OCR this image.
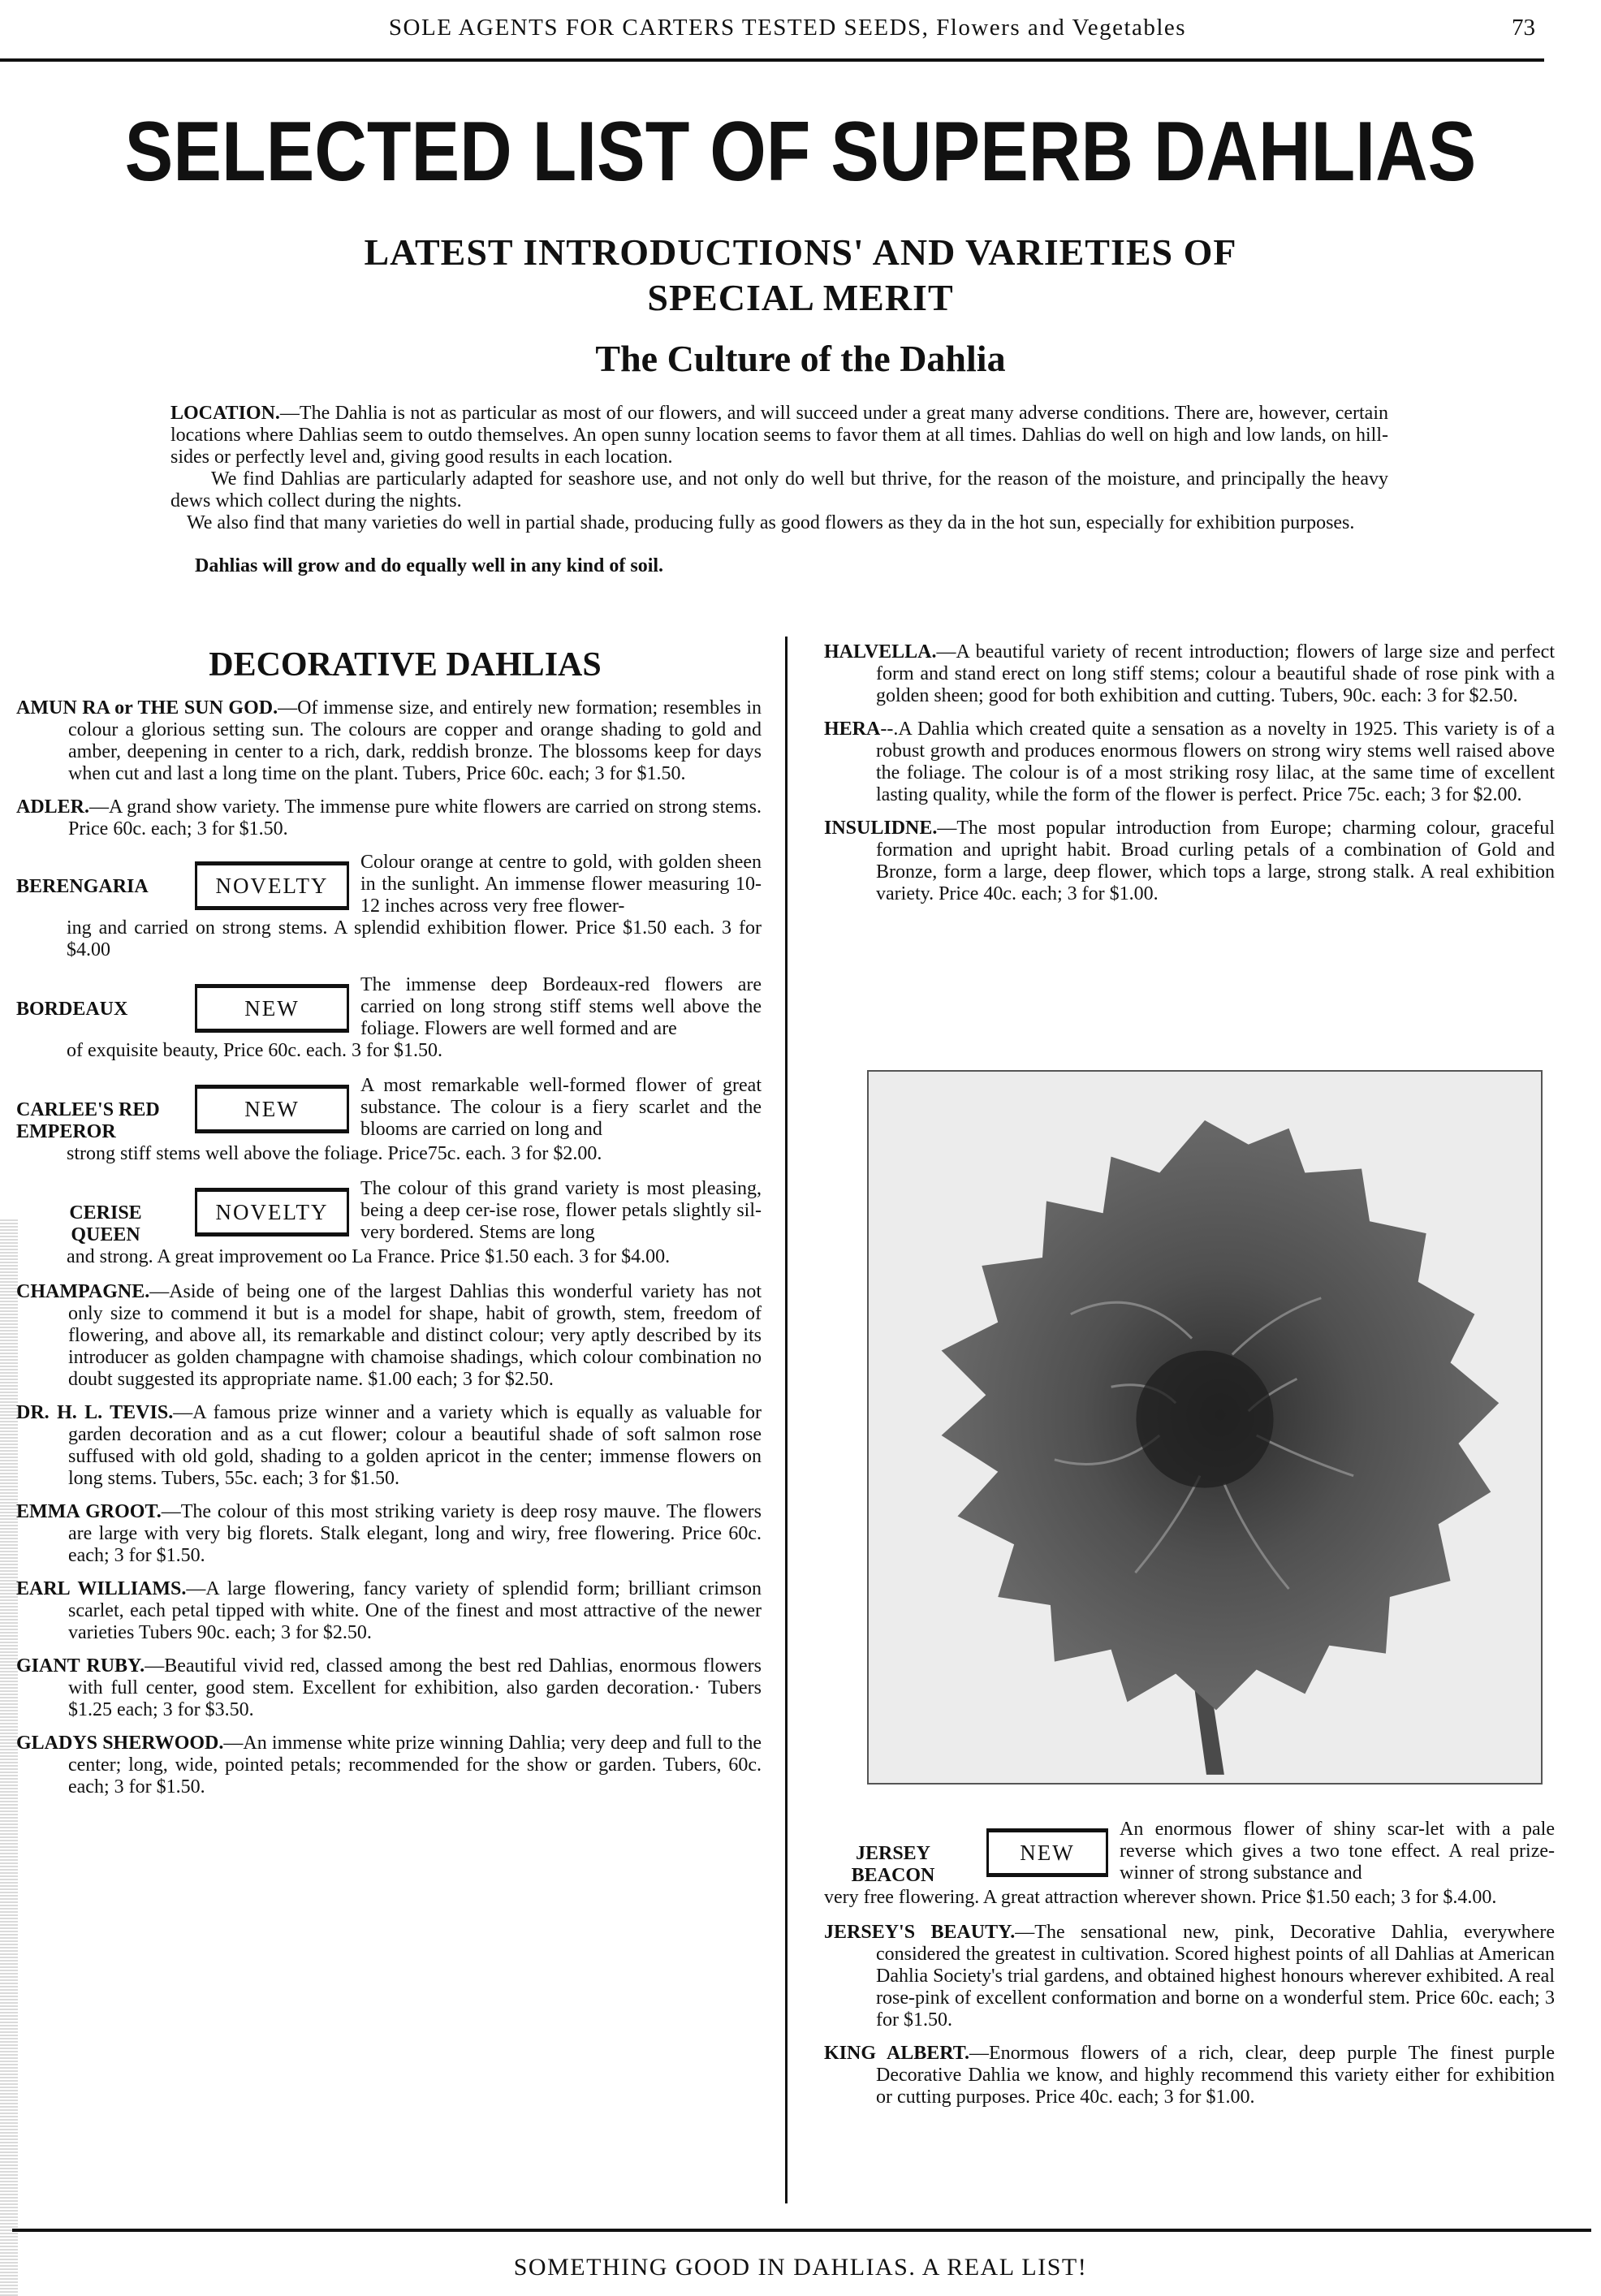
SOLE AGENTS FOR CARTERS TESTED SEEDS, Flowers and Vegetables	73
SELECTED LIST OF SUPERB DAHLIAS
LATEST INTRODUCTIONS' AND VARIETIES OF
SPECIAL MERIT
The Culture of the Dahlia

LOCATION.—The Dahlia is not as particular as most of our flowers, and will succeed under a great many adverse conditions. There are, however, certain locations where Dahlias seem to outdo themselves. An open sunny location seems to favor them at all times. Dahlias do well on high and low lands, on hill-sides or perfectly level and, giving good results in each location.

We find Dahlias are particularly adapted for seashore use, and not only do well but thrive, for the reason of the moisture, and principally the heavy dews which collect during the nights.

We also find that many varieties do well in partial shade, producing fully as good flowers as they da in the hot sun, especially for exhibition purposes.

Dahlias will grow and do equally well in any kind of soil.

DECORATIVE DAHLIAS
AMUN RA or THE SUN GOD.—Of immense size, and entirely new formation; resembles in colour a glorious setting sun. The colours are copper and orange shading to gold and amber, deepening in center to a rich, dark, reddish bronze. The blossoms keep for days when cut and last a long time on the plant. Tubers, Price 60c. each; 3 for $1.50.
ADLER.—A grand show variety. The immense pure white flowers are carried on strong stems. Price 60c. each; 3 for $1.50.
BERENGARIA	NOVELTY
Colour orange at centre to gold, with golden sheen in the sunlight. An immense flower measuring 10-12 inches across very free flower-
ing and carried on strong stems. A splendid exhibition flower. Price $1.50 each. 3 for $4.00
BORDEAUX	NEW
The immense deep Bordeaux-red flowers are carried on long strong stiff stems well above the foliage. Flowers are well formed and are
of exquisite beauty, Price 60c. each. 3 for $1.50.
CARLEE'S RED
EMPEROR
NEW
A most remarkable well-formed flower of great substance. The colour is a fiery scarlet and the blooms are carried on long and
strong stiff stems well above the foliage. Price75c. each. 3 for $2.00.
CERISE
QUEEN
NOVELTY
The colour of this grand variety is most pleasing, being a deep cer-ise rose, flower petals slightly sil-very bordered. Stems are long
and strong. A great improvement oo La France. Price $1.50 each. 3 for $4.00.
CHAMPAGNE.—Aside of being one of the largest Dahlias this wonderful variety has not only size to commend it but is a model for shape, habit of growth, stem, freedom of flowering, and above all, its remarkable and distinct colour; very aptly described by its introducer as golden champagne with chamoise shadings, which colour combination no doubt suggested its appropriate name. $1.00 each; 3 for $2.50.
DR. H. L. TEVIS.—A famous prize winner and a variety which is equally as valuable for garden decoration and as a cut flower; colour a beautiful shade of soft salmon rose suffused with old gold, shading to a golden apricot in the center; immense flowers on long stems. Tubers, 55c. each; 3 for $1.50.
EMMA GROOT.—The colour of this most striking variety is deep rosy mauve. The flowers are large with very big florets. Stalk elegant, long and wiry, free flowering. Price 60c. each; 3 for $1.50.
EARL WILLIAMS.—A large flowering, fancy variety of splendid form; brilliant crimson scarlet, each petal tipped with white. One of the finest and most attractive of the newer varieties Tubers 90c. each; 3 for $2.50.
GIANT RUBY.—Beautiful vivid red, classed among the best red Dahlias, enormous flowers with full center, good stem. Excellent for exhibition, also garden decoration.· Tubers $1.25 each; 3 for $3.50.
GLADYS SHERWOOD.—An immense white prize winning Dahlia; very deep and full to the center; long, wide, pointed petals; recommended for the show or garden. Tubers, 60c. each; 3 for $1.50.
HALVELLA.—A beautiful variety of recent introduction; flowers of large size and perfect form and stand erect on long stiff stems; colour a beautiful shade of rose pink with a golden sheen; good for both exhibition and cutting. Tubers, 90c. each: 3 for $2.50.
HERA--.A Dahlia which created quite a sensation as a novelty in 1925. This variety is of a robust growth and produces enormous flowers on strong wiry stems well raised above the foliage. The colour is of a most striking rosy lilac, at the same time of excellent lasting quality, while the form of the flower is perfect. Price 75c. each; 3 for $2.00.
INSULIDNE.—The most popular introduction from Europe; charming colour, graceful formation and upright habit. Broad curling petals of a combination of Gold and Bronze, form a large, deep flower, which tops a large, strong stalk. A real exhibition variety. Price 40c. each; 3 for $1.00.
JERSEY
BEACON
NEW
An enormous flower of shiny scar-let with a pale reverse which gives a two tone effect. A real prize-winner of strong substance and
very free flowering. A great attraction wherever shown. Price $1.50 each; 3 for $.4.00.
JERSEY'S BEAUTY.—The sensational new, pink, Decorative Dahlia, everywhere considered the greatest in cultivation. Scored highest points of all Dahlias at American Dahlia Society's trial gardens, and obtained highest honours wherever exhibited. A real rose-pink of excellent conformation and borne on a wonderful stem. Price 60c. each; 3 for $1.50.
KING ALBERT.—Enormous flowers of a rich, clear, deep purple The finest purple Decorative Dahlia we know, and highly recommend this variety either for exhibition or cutting purposes. Price 40c. each; 3 for $1.00.
SOMETHING GOOD IN DAHLIAS. A REAL LIST!
